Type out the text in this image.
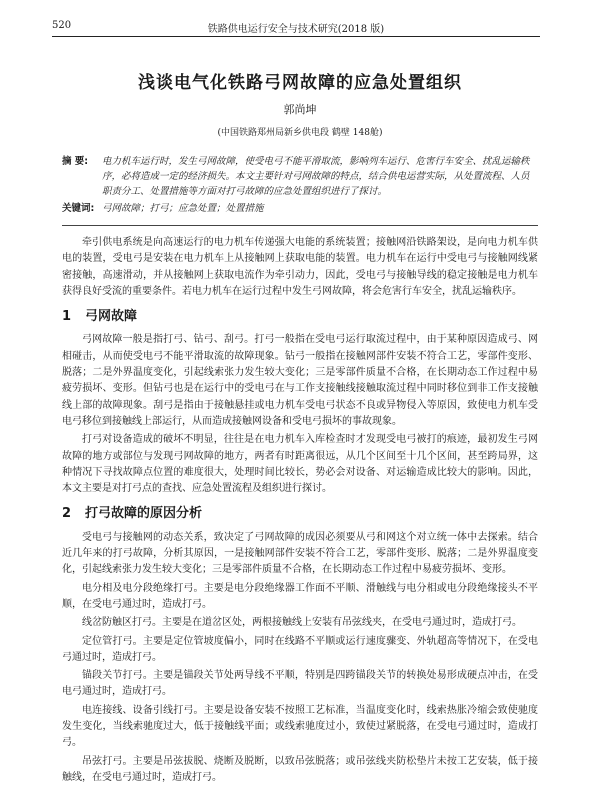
520	铁路供电运行安全与技术研究(2018 版)
浅谈电气化铁路弓网故障的应急处置组织
郭尚坤
(中国铁路郑州局新乡供电段 鹤壁 148舱)
摘 要:	电力机车运行时，发生弓网故障，使受电弓不能平滑取流，影响列车运行、危害行车安全、扰乱运输秩序，必将造成一定的经济损失。本文主要针对弓网故障的特点，结合供电运营实际，从处置流程、人员职责分工、处置措施等方面对打弓故障的应急处置组织进行了探讨。
关键词: 弓网故障；打弓；应急处置；处置措施

牵引供电系统是向高速运行的电力机车传递强大电能的系统装置；接触网沿铁路架设，是向电力机车供电的装置，受电弓是安装在电力机车上从接触网上获取电能的装置。电力机车在运行中受电弓与接触网线紧密接触，高速滑动，并从接触网上获取电流作为牵引动力，因此，受电弓与接触导线的稳定接触是电力机车获得良好受流的重要条件。若电力机车在运行过程中发生弓网故障，将会危害行车安全，扰乱运输秩序。

1 弓网故障

弓网故障一般是指打弓、钻弓、刮弓。打弓一般指在受电弓运行取流过程中，由于某种原因造成弓、网相碰击，从而使受电弓不能平滑取流的故障现象。钻弓一般指在接触网部件安装不符合工艺，零部件变形、脱落；二是外界温度变化，引起线索张力发生较大变化；三是零部件质量不合格，在长期动态工作过程中易疲劳损坏、变形。但钻弓也是在运行中的受电弓在与工作支接触线接触取流过程中同时移位到非工作支接触线上部的故障现象。刮弓是指由于接触悬挂或电力机车受电弓状态不良或异物侵入等原因，致使电力机车受电弓移位到接触线上部运行，从而造成接触网设备和受电弓损坏的事故现象。

打弓对设备造成的破坏不明显，往往是在电力机车入库检查时才发现受电弓被打的痕迹，最初发生弓网故障的地方或部位与发现弓网故障的地方，两者有时距离很远，从几个区间至十几个区间，甚至跨局界，这种情况下寻找故障点位置的难度很大，处理时间比较长，势必会对设备、对运输造成比较大的影响。因此，本文主要是对打弓点的查找、应急处置流程及组织进行探讨。

2 打弓故障的原因分析

受电弓与接触网的动态关系，致决定了弓网故障的成因必须要从弓和网这个对立统一体中去探索。结合近几年来的打弓故障，分析其原因，一是接触网部件安装不符合工艺，零部件变形、脱落；二是外界温度变化，引起线索张力发生较大变化；三是零部件质量不合格，在长期动态工作过程中易疲劳损坏、变形。

电分相及电分段绝缘打弓。主要是电分段绝缘器工作面不平顺、滑触线与电分相或电分段绝缘接头不平顺，在受电弓通过时，造成打弓。

线岔防触区打弓。主要是在道岔区处，两根接触线上安装有吊弦线夹，在受电弓通过时，造成打弓。

定位管打弓。主要是定位管坡度偏小，同时在线路不平顺或运行速度骤变、外轨超高等情况下，在受电弓通过时，造成打弓。

锚段关节打弓。主要是锚段关节处两导线不平顺，特别是四跨锚段关节的转换处易形成硬点冲击，在受电弓通过时，造成打弓。

电连接线、设备引线打弓。主要是设备安装不按照工艺标准，当温度变化时，线索热胀冷缩会致使驰度发生变化，当线索驰度过大，低于接触线平面；或线索驰度过小，致使过紧脱落，在受电弓通过时，造成打弓。

吊弦打弓。主要是吊弦拔脱、烧断及脱断，以致吊弦脱落；或吊弦线夹防松垫片未按工艺安装，低于接触线，在受电弓通过时，造成打弓。
